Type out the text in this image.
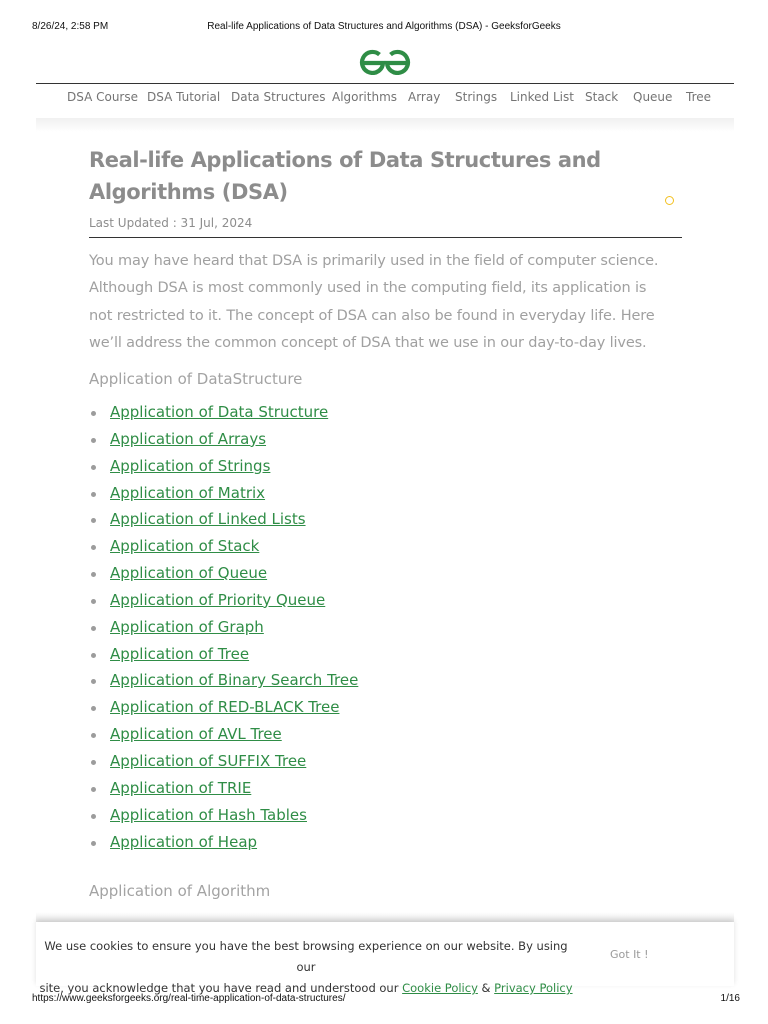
8/26/24, 2:58 PM	Real-life Applications of Data Structures and Algorithms (DSA) - GeeksforGeeks
DSA Course DSA Tutorial Data Structures Algorithms Array Strings Linked List Stack Queue Tree
Real-life Applications of Data Structures and
Algorithms (DSA)
Last Updated : 31 Jul, 2024
You may have heard that DSA is primarily used in the field of computer science.
Although DSA is most commonly used in the computing field, its application is
not restricted to it. The concept of DSA can also be found in everyday life. Here
we’ll address the common concept of DSA that we use in our day-to-day lives.
Application of DataStructure
Application of Data Structure
Application of Arrays
Application of Strings
Application of Matrix
Application of Linked Lists
Application of Stack
Application of Queue
Application of Priority Queue
Application of Graph
Application of Tree
Application of Binary Search Tree
Application of RED-BLACK Tree
Application of AVL Tree
Application of SUFFIX Tree
Application of TRIE
Application of Hash Tables
Application of Heap
Application of Algorithm
We use cookies to ensure you have the best browsing experience on our website. By using our
site, you acknowledge that you have read and understood our Cookie Policy & Privacy Policy
Got It !
https://www.geeksforgeeks.org/real-time-application-of-data-structures/	1/16
